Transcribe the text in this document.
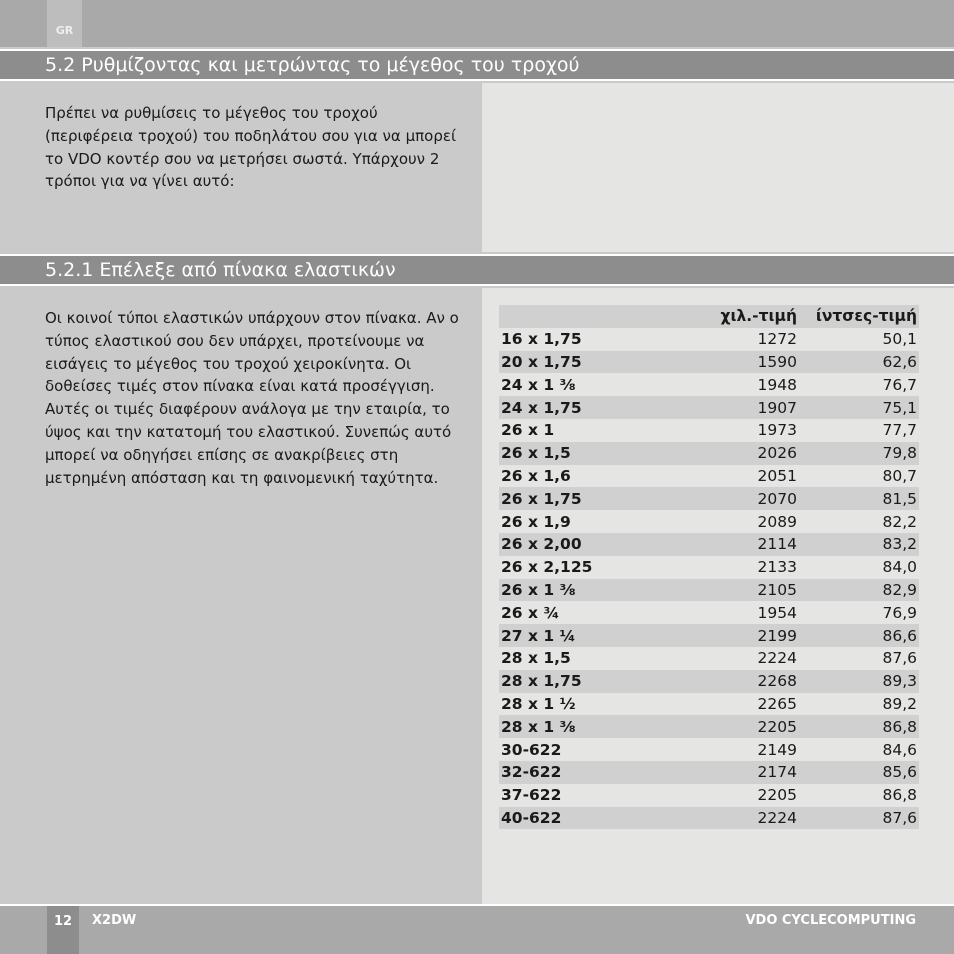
GR
5.2 Ρυθμίζοντας και μετρώντας το μέγεθος του τροχού

Πρέπει να ρυθμίσεις το μέγεθος του τροχού (περιφέρεια τροχού) του ποδηλάτου σου για να μπορεί το VDO κοντέρ σου να μετρήσει σωστά. Υπάρχουν 2 τρόποι για να γίνει αυτό:

5.2.1 Επέλεξε από πίνακα ελαστικών

Οι κοινοί τύποι ελαστικών υπάρχουν στον πίνακα. Αν ο τύπος ελαστικού σου δεν υπάρχει, προτείνουμε να εισάγεις το μέγεθος του τροχού χειροκίνητα. Οι δοθείσες τιμές στον πίνακα είναι κατά προσέγγιση. Αυτές οι τιμές διαφέρουν ανάλογα με την εταιρία, το ύψος και την κατατομή του ελαστικού. Συνεπώς αυτό μπορεί να οδηγήσει επίσης σε ανακρίβειες στη μετρημένη απόσταση και τη φαινομενική ταχύτητα.

	χιλ.-τιμή	ίντσες-τιμή
16 x 1,75	1272	50,1
20 x 1,75	1590	62,6
24 x 1 ⅜	1948	76,7
24 x 1,75	1907	75,1
26 x 1	1973	77,7
26 x 1,5	2026	79,8
26 x 1,6	2051	80,7
26 x 1,75	2070	81,5
26 x 1,9	2089	82,2
26 x 2,00	2114	83,2
26 x 2,125	2133	84,0
26 x 1 ⅜	2105	82,9
26 x ¾	1954	76,9
27 x 1 ¼	2199	86,6
28 x 1,5	2224	87,6
28 x 1,75	2268	89,3
28 x 1 ½	2265	89,2
28 x 1 ⅜	2205	86,8
30-622	2149	84,6
32-622	2174	85,6
37-622	2205	86,8
40-622	2224	87,6
12	X2DW	VDO CYCLECOMPUTING
